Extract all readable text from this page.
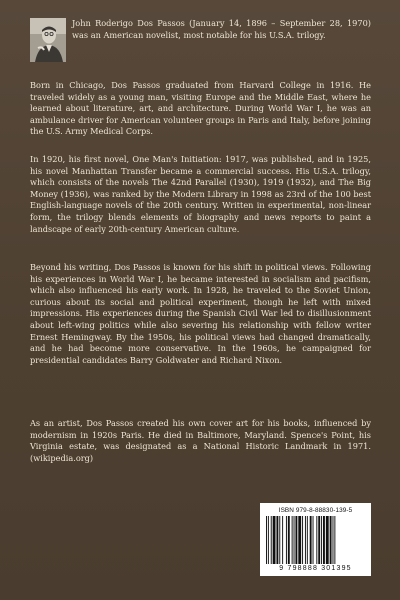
John Roderigo Dos Passos (January 14, 1896 – September 28, 1970) was an American novelist, most notable for his U.S.A. trilogy.

Born in Chicago, Dos Passos graduated from Harvard College in 1916. He traveled widely as a young man, visiting Europe and the Middle East, where he learned about literature, art, and architecture. During World War I, he was an ambulance driver for American volunteer groups in Paris and Italy, before joining the U.S. Army Medical Corps.

In 1920, his first novel, One Man's Initiation: 1917, was published, and in 1925, his novel Manhattan Transfer became a commercial success. His U.S.A. trilogy, which consists of the novels The 42nd Parallel (1930), 1919 (1932), and The Big Money (1936), was ranked by the Modern Library in 1998 as 23rd of the 100 best English-language novels of the 20th century. Written in experimental, non-linear form, the trilogy blends elements of biography and news reports to paint a landscape of early 20th-century American culture.

Beyond his writing, Dos Passos is known for his shift in political views. Following his experiences in World War I, he became interested in socialism and pacifism, which also influenced his early work. In 1928, he traveled to the Soviet Union, curious about its social and political experiment, though he left with mixed impressions. His experiences during the Spanish Civil War led to disillusionment about left-wing politics while also severing his relationship with fellow writer Ernest Hemingway. By the 1950s, his political views had changed dramatically, and he had become more conservative. In the 1960s, he campaigned for presidential candidates Barry Goldwater and Richard Nixon.

As an artist, Dos Passos created his own cover art for his books, influenced by modernism in 1920s Paris. He died in Baltimore, Maryland. Spence's Point, his Virginia estate, was designated as a National Historic Landmark in 1971. (wikipedia.org)

ISBN 979-8-88830-139-5
9 798888 301395
